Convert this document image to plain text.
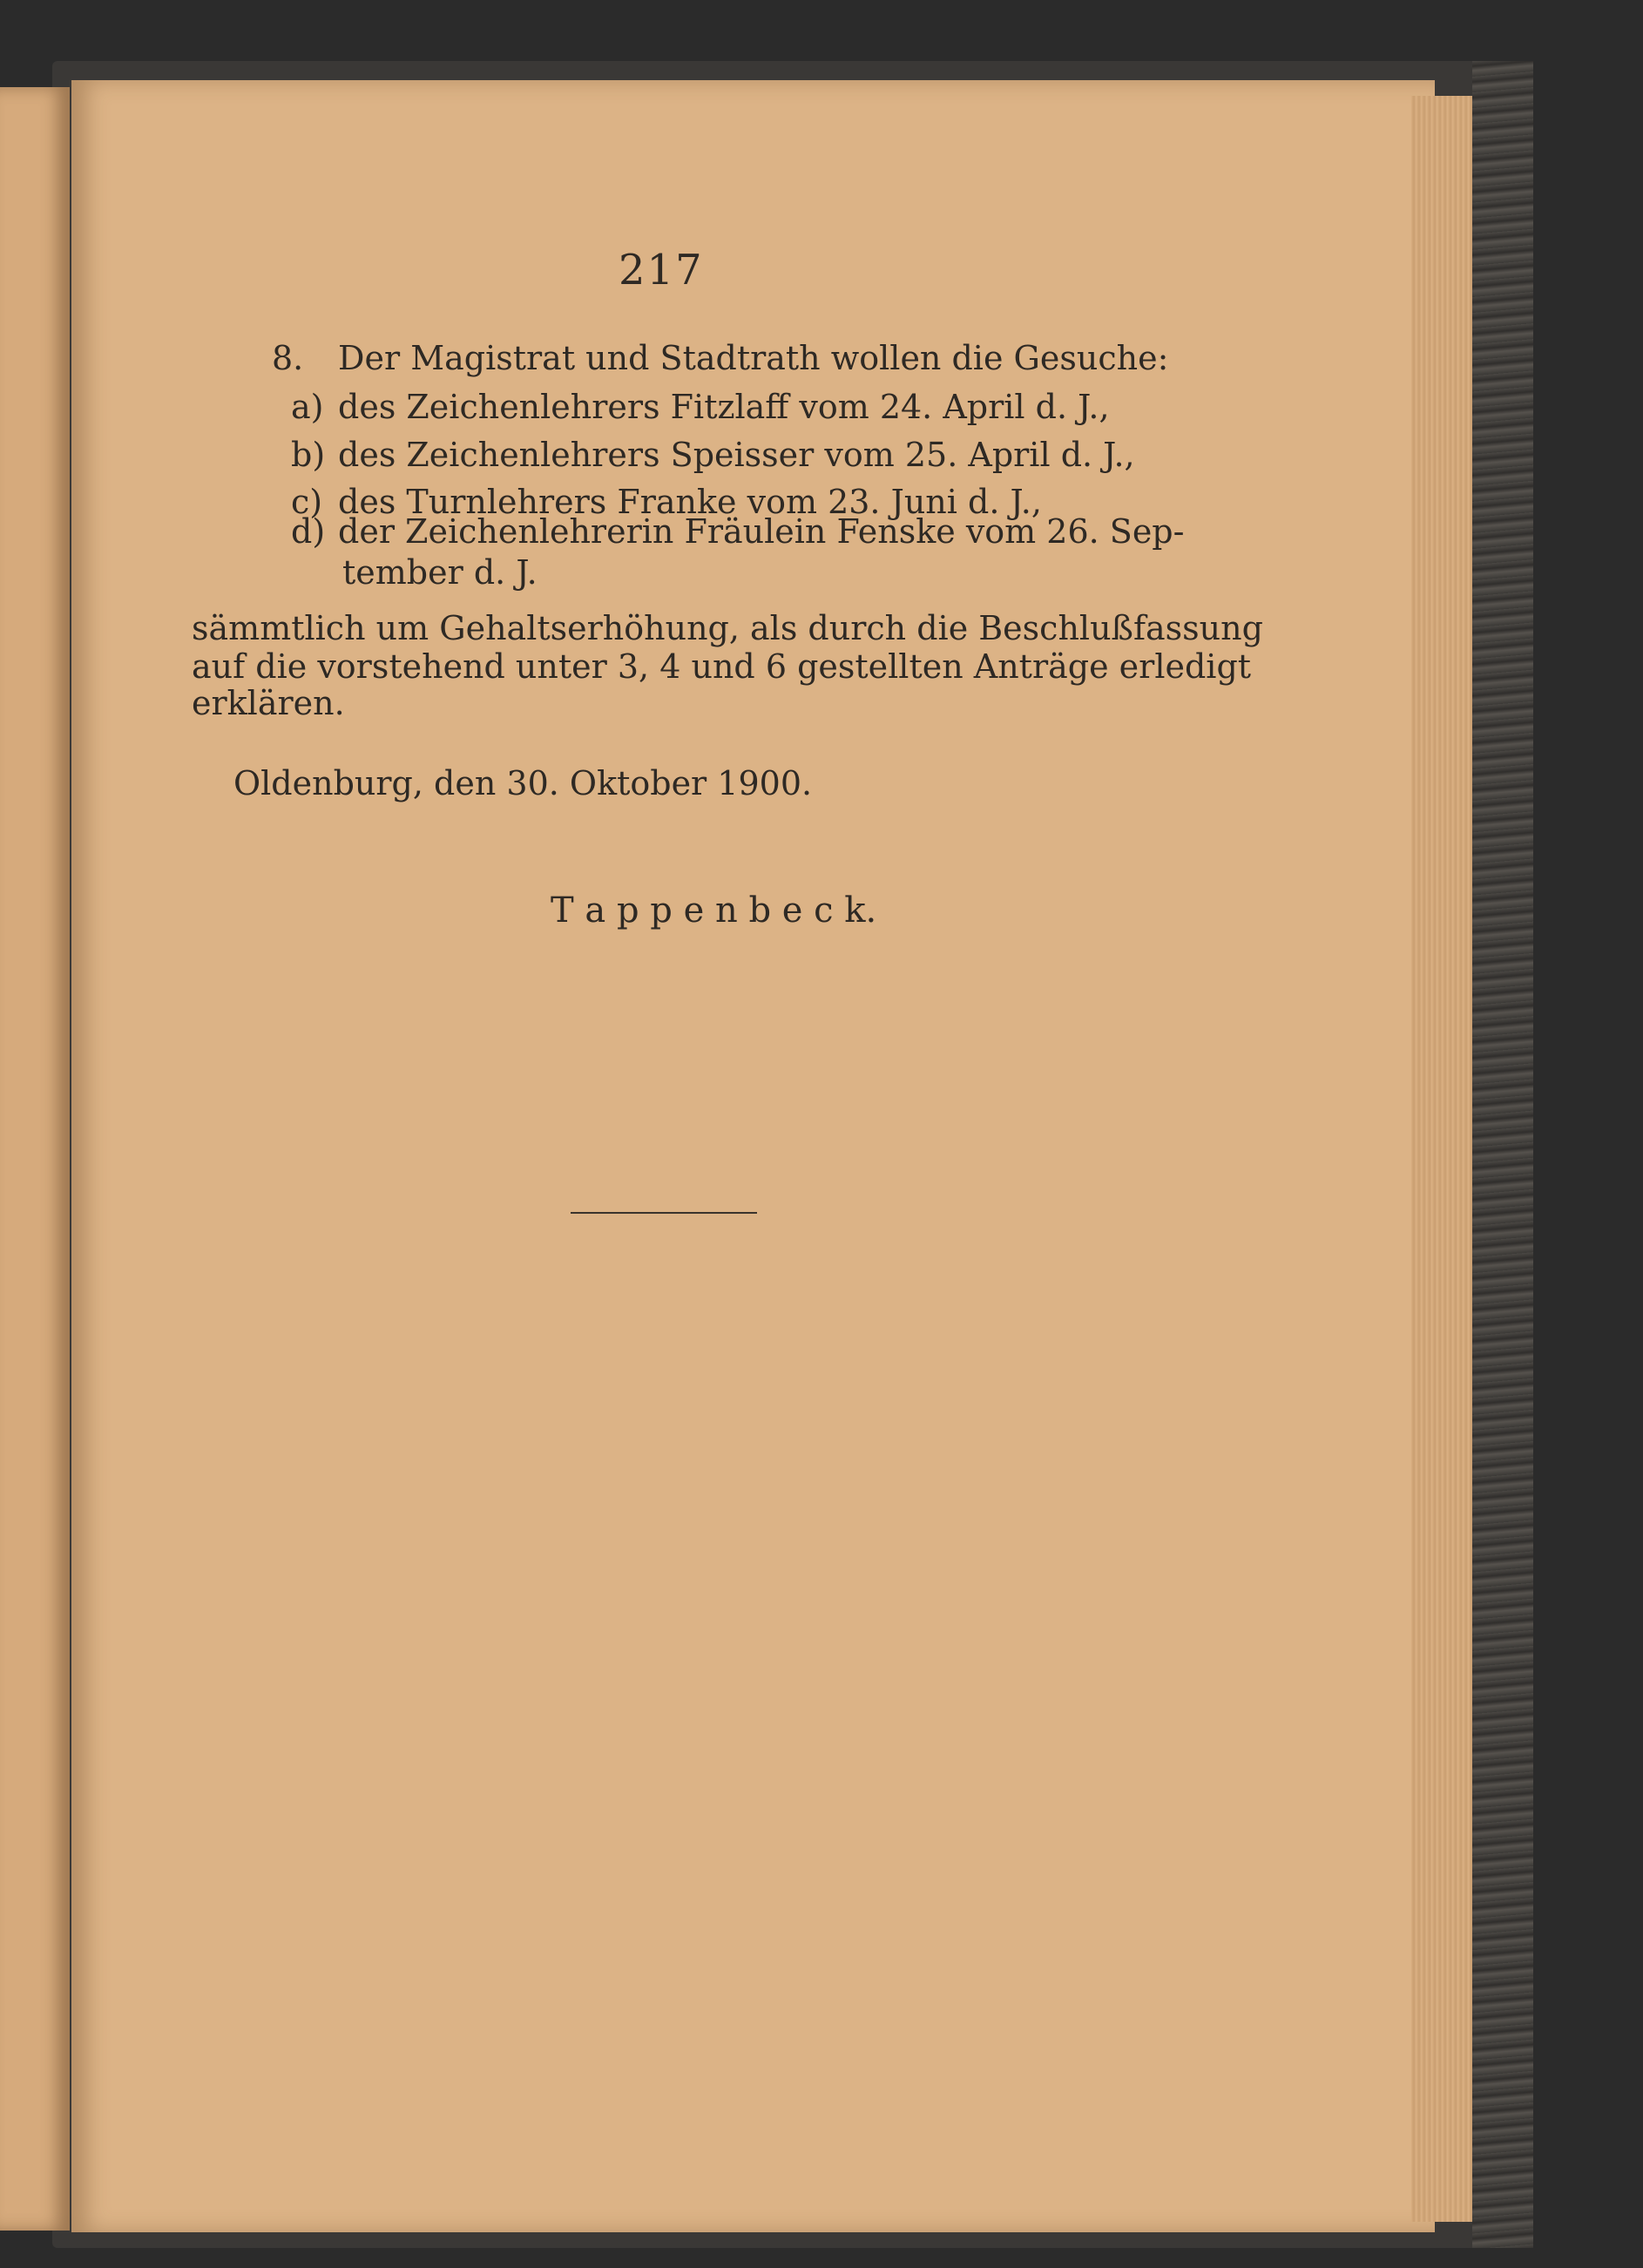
217
8. Der Magistrat und Stadtrath wollen die Gesuche:
a) des Zeichenlehrers Fitzlaff vom 24. April d. J.,
b) des Zeichenlehrers Speisser vom 25. April d. J.,
c) des Turnlehrers Franke vom 23. Juni d. J.,
d) der Zeichenlehrerin Fräulein Fenske vom 26. Sep-
tember d. J.
sämmtlich um Gehaltserhöhung, als durch die Beschlußfassung
auf die vorstehend unter 3, 4 und 6 gestellten Anträge erledigt
erklären.
Oldenburg, den 30. Oktober 1900.
T a p p e n b e c k.
